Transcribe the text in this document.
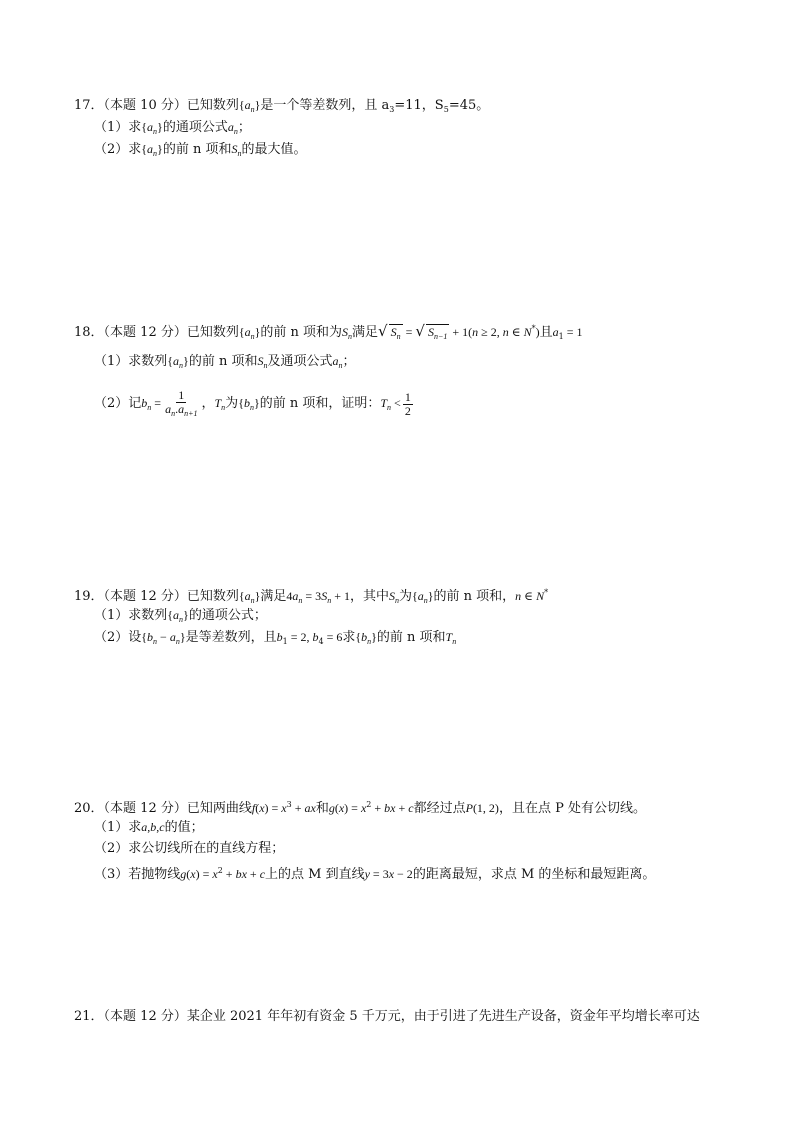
17．（本题 10 分）已知数列$\{a_n\}$是一个等差数列，且 $a_3=11$，$S_5=45$。
（1）求$\{a_n\}$的通项公式$a_n$；
（2）求$\{a_n\}$的前 n 项和$S_n$的最大值。
18．（本题 12 分）已知数列$\{a_n\}$的前 n 项和为$S_n$满足√ $S_n$ = √ $S_{n-1} + 1(n \ge 2$, n ∈ N*)且$a_1 = 1$
（1）求数列$\{a_n\}$的前 n 项和$S_n$及通项公式$a_n$；
（2）记$b_n = \frac{1}{a_n.a_{n+1}}$ ，$T_n$为$\{b_n\}$的前 n 项和，证明：$T_n < \frac{1}{2}$
19．（本题 12 分）已知数列$\{a_n\}$满足$4a_n = 3S_n + 1$，其中$S_n$为$\{a_n\}$的前 n 项和，n ∈ N*
（1）求数列$\{a_n\}$的通项公式；
（2）设$\{b_n - a_n\}$是等差数列，且$b_1 = 2$, $b_4 = 6$求$\{b_n\}$的前 n 项和$T_n$
20．（本题 12 分）已知两曲线$f(x) = x^3$ + ax和$g(x) = x^2$ + bx + c都经过点P(1, 2)，且在点 P 处有公切线。
（1）求a,b,c的值；
（2）求公切线所在的直线方程；
（3）若抛物线$g(x) = x^2$ + bx + c上的点 M 到直线y = 3x − 2的距离最短，求点 M 的坐标和最短距离。
21．（本题 12 分）某企业 2021 年年初有资金 5 千万元，由于引进了先进生产设备，资金年平均增长率可达
